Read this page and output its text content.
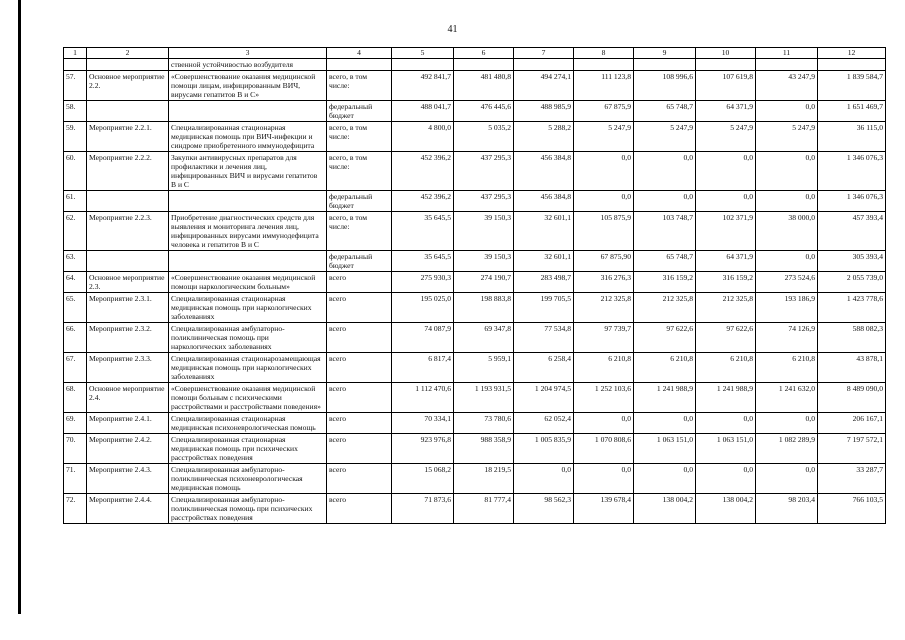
41
1	2	3	4	5	6	7	8	9	10	11	12
		ственной устойчивостью возбудителя									
57.	Основное мероприятие 2.2.	«Совершенствование оказания медицинской помощи лицам, инфицированным ВИЧ, вирусами гепатитов В и С»	всего, в том числе:	492 841,7	481 480,8	494 274,1	111 123,8	108 996,6	107 619,8	43 247,9	1 839 584,7
58.			федеральный бюджет	488 041,7	476 445,6	488 985,9	67 875,9	65 748,7	64 371,9	0,0	1 651 469,7
59.	Мероприятие 2.2.1.	Специализированная стационарная медицинская помощь при ВИЧ-инфекции и синдроме приобретенного иммунодефицита	всего, в том числе:	4 800,0	5 035,2	5 288,2	5 247,9	5 247,9	5 247,9	5 247,9	36 115,0
60.	Мероприятие 2.2.2.	Закупки антивирусных препаратов для профилактики и лечения лиц, инфицированных ВИЧ и вирусами гепатитов В и С	всего, в том числе:	452 396,2	437 295,3	456 384,8	0,0	0,0	0,0	0,0	1 346 076,3
61.			федеральный бюджет	452 396,2	437 295,3	456 384,8	0,0	0,0	0,0	0,0	1 346 076,3
62.	Мероприятие 2.2.3.	Приобретение диагностических средств для выявления и мониторинга лечения лиц, инфицированных вирусами иммунодефицита человека и гепатитов В и С	всего, в том числе:	35 645,5	39 150,3	32 601,1	105 875,9	103 748,7	102 371,9	38 000,0	457 393,4
63.			федеральный бюджет	35 645,5	39 150,3	32 601,1	67 875,90	65 748,7	64 371,9	0,0	305 393,4
64.	Основное мероприятие 2.3.	«Совершенствование оказания медицинской помощи наркологическим больным»	всего	275 930,3	274 190,7	283 498,7	316 276,3	316 159,2	316 159,2	273 524,6	2 055 739,0
65.	Мероприятие 2.3.1.	Специализированная стационарная медицинская помощь при наркологических заболеваниях	всего	195 025,0	198 883,8	199 705,5	212 325,8	212 325,8	212 325,8	193 186,9	1 423 778,6
66.	Мероприятие 2.3.2.	Специализированная амбулаторно-поликлиническая помощь при наркологических заболеваниях	всего	74 087,9	69 347,8	77 534,8	97 739,7	97 622,6	97 622,6	74 126,9	588 082,3
67.	Мероприятие 2.3.3.	Специализированная стационарозамещающая медицинская помощь при наркологических заболеваниях	всего	6 817,4	5 959,1	6 258,4	6 210,8	6 210,8	6 210,8	6 210,8	43 878,1
68.	Основное мероприятие 2.4.	«Совершенствование оказания медицинской помощи больным с психическими расстройствами и расстройствами поведения»	всего	1 112 470,6	1 193 931,5	1 204 974,5	1 252 103,6	1 241 988,9	1 241 988,9	1 241 632,0	8 489 090,0
69.	Мероприятие 2.4.1.	Специализированная стационарная медицинская психоневрологическая помощь	всего	70 334,1	73 780,6	62 052,4	0,0	0,0	0,0	0,0	206 167,1
70.	Мероприятие 2.4.2.	Специализированная стационарная медицинская помощь при психических расстройствах поведения	всего	923 976,8	988 358,9	1 005 835,9	1 070 808,6	1 063 151,0	1 063 151,0	1 082 289,9	7 197 572,1
71.	Мероприятие 2.4.3.	Специализированная амбулаторно-поликлиническая психоневрологическая медицинская помощь	всего	15 068,2	18 219,5	0,0	0,0	0,0	0,0	0,0	33 287,7
72.	Мероприятие 2.4.4.	Специализированная амбулаторно-поликлиническая помощь при психических расстройствах поведения	всего	71 873,6	81 777,4	98 562,3	139 678,4	138 004,2	138 004,2	98 203,4	766 103,5
